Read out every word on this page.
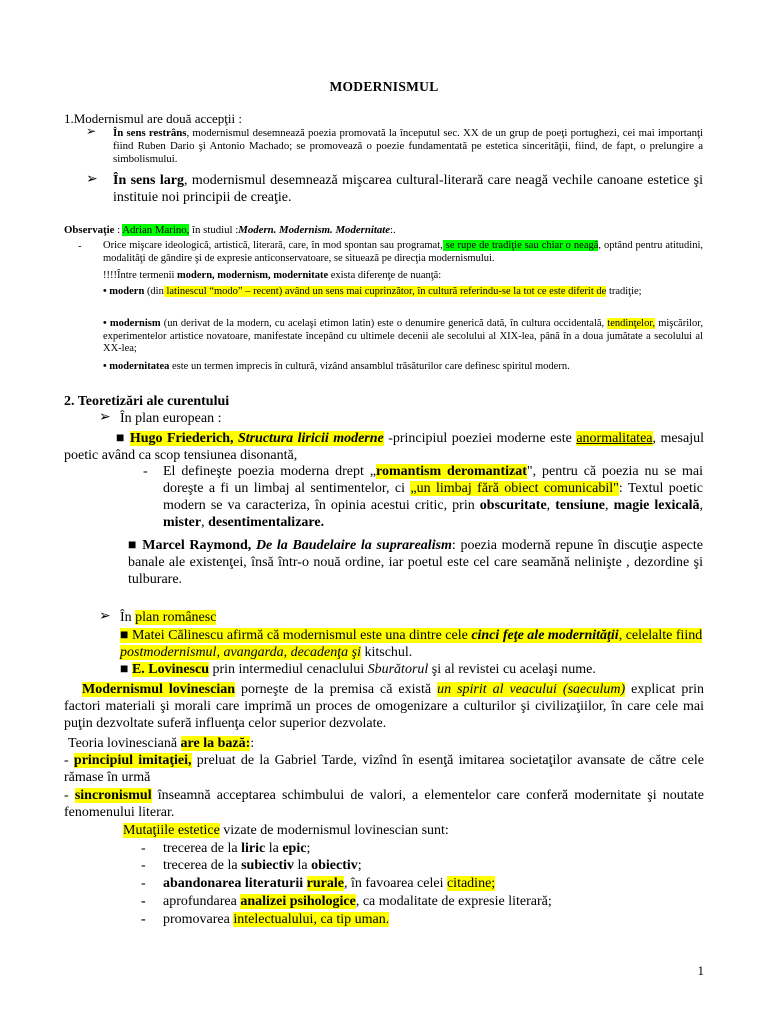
MODERNISMUL
1.Modernismul are două accepţii :
➢ În sens restrâns, modernismul desemnează poezia promovată la începutul sec. XX de un grup de poeţi portughezi, cei mai importanţi fiind Ruben Dario şi Antonio Machado; se promovează o poezie fundamentată pe estetica sincerităţii, fiind, de fapt, o prelungire a simbolismului.
➢ În sens larg, modernismul desemnează mişcarea cultural-literară care neagă vechile canoane estetice şi instituie noi principii de creaţie.
Observaţie : Adrian Marino, în studiul :Modern. Modernism. Modernitate:.
- Orice mişcare ideologică, artistică, literară, care, în mod spontan sau programat, se rupe de tradiţie sau chiar o neagă, optând pentru atitudini, modalităţi de gândire şi de expresie anticonservatoare, se situează pe direcţia modernismului.
!!!!Între termenii modern, modernism, modernitate exista diferenţe de nuanţă:
• modern (din latinescul “modo” – recent) având un sens mai cuprinzător, în cultură referindu-se la tot ce este diferit de tradiţie;
• modernism (un derivat de la modern, cu acelaşi etimon latin) este o denumire generică dată, în cultura occidentală, tendinţelor, mişcărilor, experimentelor artistice novatoare, manifestate începând cu ultimele decenii ale secolului al XIX-lea, până în a doua jumătate a secolului al XX-lea;
• modernitatea este un termen imprecis în cultură, vizând ansamblul trăsăturilor care definesc spiritul modern.
2. Teoretizări ale curentului
➢ În plan european :
■ Hugo Friederich, Structura liricii moderne -principiul poeziei moderne este anormalitatea, mesajul poetic având ca scop tensiunea disonantă,
- El defineşte poezia moderna drept „romantism deromantizat", pentru că poezia nu se mai doreşte a fi un limbaj al sentimentelor, ci „un limbaj fără obiect comunicabil": Textul poetic modern se va caracteriza, în opinia acestui critic, prin obscuritate, tensiune, magie lexicală, mister, desentimentalizare.
■ Marcel Raymond, De la Baudelaire la suprarealism: poezia modernă repune în discuţie aspecte banale ale existenţei, însă într-o nouă ordine, iar poetul este cel care seamănă nelinişte , dezordine şi tulburare.
➢ În plan românesc
■ Matei Călinescu afirmă că modernismul este una dintre cele cinci feţe ale modernităţii, celelalte fiind postmodernismul, avangarda, decadenţa şi kitschul.
■ E. Lovinescu prin intermediul cenaclului Sburătorul şi al revistei cu acelaşi nume.
Modernismul lovinescian porneşte de la premisa că există un spirit al veacului (saeculum) explicat prin factori materiali şi morali care imprimă un proces de omogenizare a culturilor şi civilizaţiilor, în care cele mai puţin dezvoltate suferă influenţa celor superior dezvolate.
Teoria lovinesciană are la bază::
- principiul imitaţiei, preluat de la Gabriel Tarde, vizînd în esenţă imitarea societaţilor avansate de către cele rămase în urmă
- sincronismul înseamnă acceptarea schimbului de valori, a elementelor care conferă modernitate şi noutate fenomenului literar.
Mutaţiile estetice vizate de modernismul lovinescian sunt:
- trecerea de la liric la epic;
- trecerea de la subiectiv la obiectiv;
- abandonarea literaturii rurale, în favoarea celei citadine;
- aprofundarea analizei psihologice, ca modalitate de expresie literară;
- promovarea intelectualului, ca tip uman.
1
